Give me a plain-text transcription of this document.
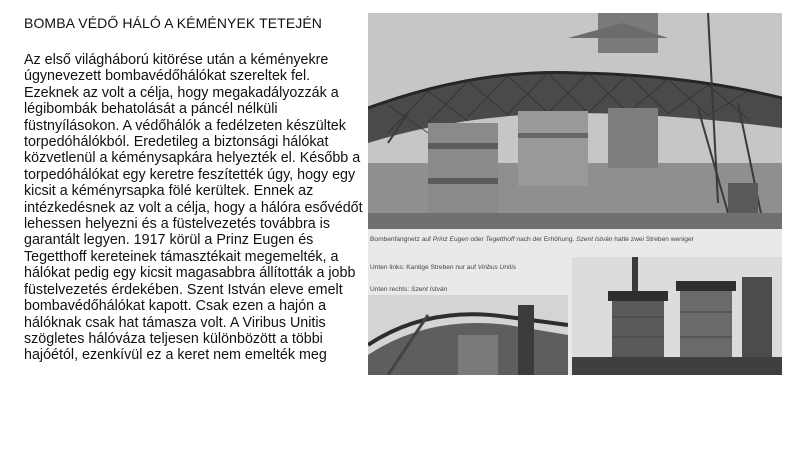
BOMBA VÉDŐ HÁLÓ A KÉMÉNYEK TETEJÉN

Az első világháború kitörése után a kéményekre úgynevezett bombavédőhálókat szereltek fel. Ezeknek az volt a célja, hogy megakadályozzák a légibombák behatolását a páncél nélküli füstnyílásokon. A védőhálók a fedélzeten készültek torpedóhálókból. Eredetileg a biztonsági hálókat közvetlenül a kéménysapkára helyezték el. Később a torpedóhálókat egy keretre feszítették úgy, hogy egy kicsit a kéményrsapka fölé kerültek. Ennek az intézkedésnek az volt a célja, hogy a hálóra esővédőt lehessen helyezni és a füstelvezetés továbbra is garantált legyen. 1917 körül a Prinz Eugen és Tegetthoff kereteinek támasztékait megemelték, a hálókat pedig egy kicsit magasabbra állították a jobb füstelvezetés érdekében. Szent István eleve emelt bombavédőhálókat kapott. Csak ezen a hajón a hálóknak csak hat támasza volt. A Viribus Unitis szögletes hálóváza teljesen különbözött a többi hajóétól, ezenkívül ez a keret nem emelték meg

Bombenfangnetz auf Prinz Eugen oder Tegetthoff nach der Erhöhung. Szent István hatte zwei Streben weniger
Unten links: Kantige Streben nur auf Viribus Unitis
Unten rechts: Szent István
